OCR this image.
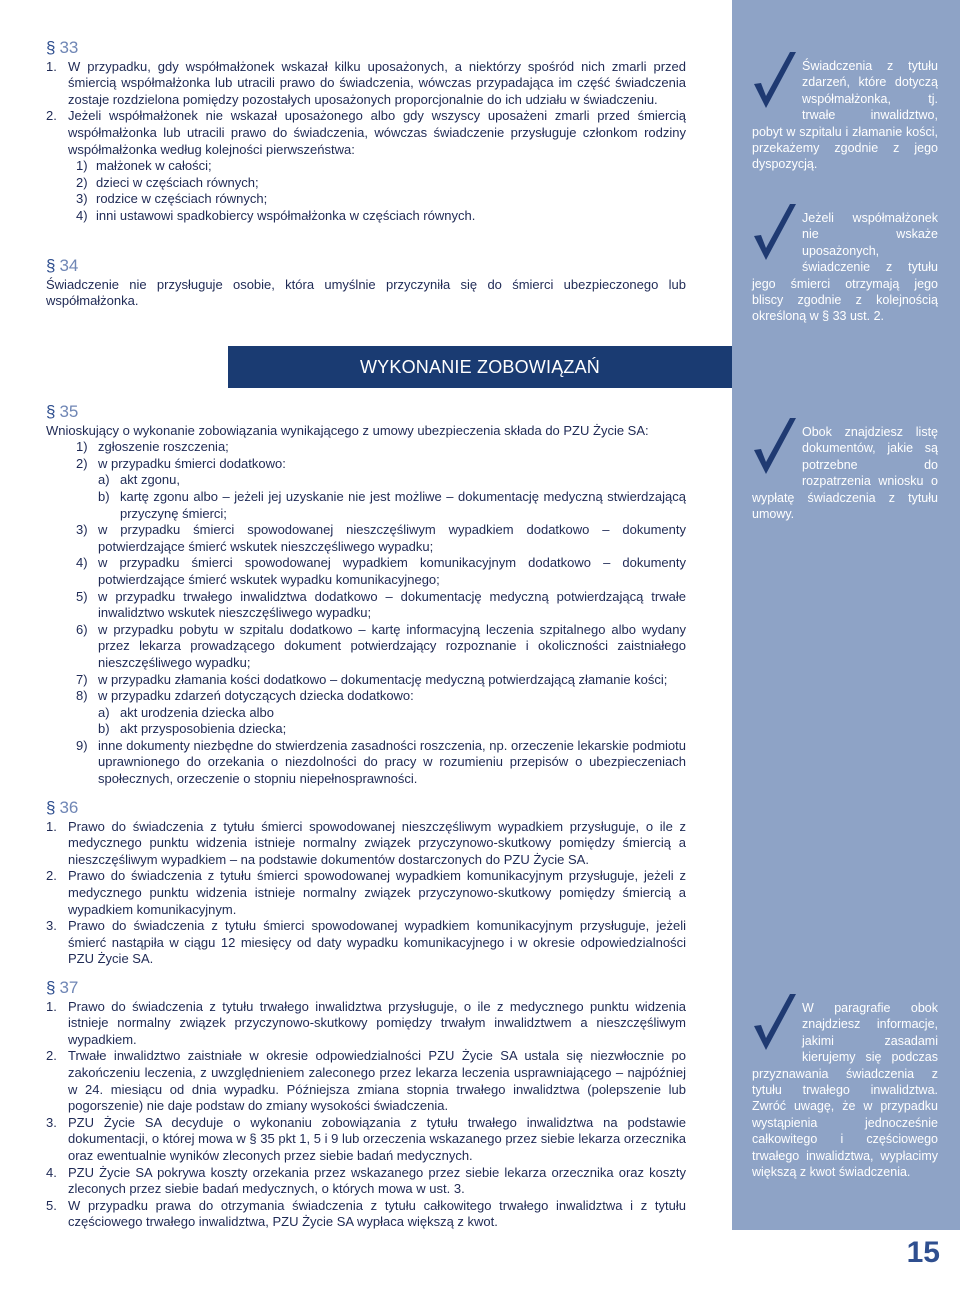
§ 33
1. W przypadku, gdy współmałżonek wskazał kilku uposażonych, a niektórzy spośród nich zmarli przed śmiercią współmałżonka lub utracili prawo do świadczenia, wówczas przypadająca im część świadczenia zostaje rozdzielona pomiędzy pozostałych uposażonych proporcjonalnie do ich udziału w świadczeniu.
2. Jeżeli współmałżonek nie wskazał uposażonego albo gdy wszyscy uposażeni zmarli przed śmiercią współmałżonka lub utracili prawo do świadczenia, wówczas świadczenie przysługuje członkom rodziny współmałżonka według kolejności pierwszeństwa:
1) małżonek w całości;
2) dzieci w częściach równych;
3) rodzice w częściach równych;
4) inni ustawowi spadkobiercy współmałżonka w częściach równych.
§ 34
Świadczenie nie przysługuje osobie, która umyślnie przyczyniła się do śmierci ubezpieczonego lub współmałżonka.
WYKONANIE ZOBOWIĄZAŃ
§ 35
Wnioskujący o wykonanie zobowiązania wynikającego z umowy ubezpieczenia składa do PZU Życie SA:
1) zgłoszenie roszczenia;
2) w przypadku śmierci dodatkowo:
a) akt zgonu,
b) kartę zgonu albo – jeżeli jej uzyskanie nie jest możliwe – dokumentację medyczną stwierdzającą przyczynę śmierci;
3) w przypadku śmierci spowodowanej nieszczęśliwym wypadkiem dodatkowo – dokumenty potwierdzające śmierć wskutek nieszczęśliwego wypadku;
4) w przypadku śmierci spowodowanej wypadkiem komunikacyjnym dodatkowo – dokumenty potwierdzające śmierć wskutek wypadku komunikacyjnego;
5) w przypadku trwałego inwalidztwa dodatkowo – dokumentację medyczną potwierdzającą trwałe inwalidztwo wskutek nieszczęśliwego wypadku;
6) w przypadku pobytu w szpitalu dodatkowo – kartę informacyjną leczenia szpitalnego albo wydany przez lekarza prowadzącego dokument potwierdzający rozpoznanie i okoliczności zaistniałego nieszczęśliwego wypadku;
7) w przypadku złamania kości dodatkowo – dokumentację medyczną potwierdzającą złamanie kości;
8) w przypadku zdarzeń dotyczących dziecka dodatkowo:
a) akt urodzenia dziecka albo
b) akt przysposobienia dziecka;
9) inne dokumenty niezbędne do stwierdzenia zasadności roszczenia, np. orzeczenie lekarskie podmiotu uprawnionego do orzekania o niezdolności do pracy w rozumieniu przepisów o ubezpieczeniach społecznych, orzeczenie o stopniu niepełnosprawności.
§ 36
1. Prawo do świadczenia z tytułu śmierci spowodowanej nieszczęśliwym wypadkiem przysługuje, o ile z medycznego punktu widzenia istnieje normalny związek przyczynowo-skutkowy pomiędzy śmiercią a nieszczęśliwym wypadkiem – na podstawie dokumentów dostarczonych do PZU Życie SA.
2. Prawo do świadczenia z tytułu śmierci spowodowanej wypadkiem komunikacyjnym przysługuje, jeżeli z medycznego punktu widzenia istnieje normalny związek przyczynowo-skutkowy pomiędzy śmiercią a wypadkiem komunikacyjnym.
3. Prawo do świadczenia z tytułu śmierci spowodowanej wypadkiem komunikacyjnym przysługuje, jeżeli śmierć nastąpiła w ciągu 12 miesięcy od daty wypadku komunikacyjnego i w okresie odpowiedzialności PZU Życie SA.
§ 37
1. Prawo do świadczenia z tytułu trwałego inwalidztwa przysługuje, o ile z medycznego punktu widzenia istnieje normalny związek przyczynowo-skutkowy pomiędzy trwałym inwalidztwem a nieszczęśliwym wypadkiem.
2. Trwałe inwalidztwo zaistniałe w okresie odpowiedzialności PZU Życie SA ustala się niezwłocznie po zakończeniu leczenia, z uwzględnieniem zaleconego przez lekarza leczenia usprawniającego – najpóźniej w 24. miesiącu od dnia wypadku. Późniejsza zmiana stopnia trwałego inwalidztwa (polepszenie lub pogorszenie) nie daje podstaw do zmiany wysokości świadczenia.
3. PZU Życie SA decyduje o wykonaniu zobowiązania z tytułu trwałego inwalidztwa na podstawie dokumentacji, o której mowa w § 35 pkt 1, 5 i 9 lub orzeczenia wskazanego przez siebie lekarza orzecznika oraz ewentualnie wyników zleconych przez siebie badań medycznych.
4. PZU Życie SA pokrywa koszty orzekania przez wskazanego przez siebie lekarza orzecznika oraz koszty zleconych przez siebie badań medycznych, o których mowa w ust. 3.
5. W przypadku prawa do otrzymania świadczenia z tytułu całkowitego trwałego inwalidztwa i z tytułu częściowego trwałego inwalidztwa, PZU Życie SA wypłaca większą z kwot.
Świadczenia z tytułu zdarzeń, które dotyczą współmałżonka, tj. trwałe inwalidztwo, pobyt w szpitalu i złamanie kości, przekażemy zgodnie z jego dyspozycją.
Jeżeli współmałżonek nie wskaże uposażonych, świadczenie z tytułu jego śmierci otrzymają jego bliscy zgodnie z kolejnością określoną w § 33 ust. 2.
Obok znajdziesz listę dokumentów, jakie są potrzebne do rozpatrzenia wniosku o wypłatę świadczenia z tytułu umowy.
W paragrafie obok znajdziesz informacje, jakimi zasadami kierujemy się podczas przyznawania świadczenia z tytułu trwałego inwalidztwa. Zwróć uwagę, że w przypadku wystąpienia jednocześnie całkowitego i częściowego trwałego inwalidztwa, wypłacimy większą z kwot świadczenia.
15
